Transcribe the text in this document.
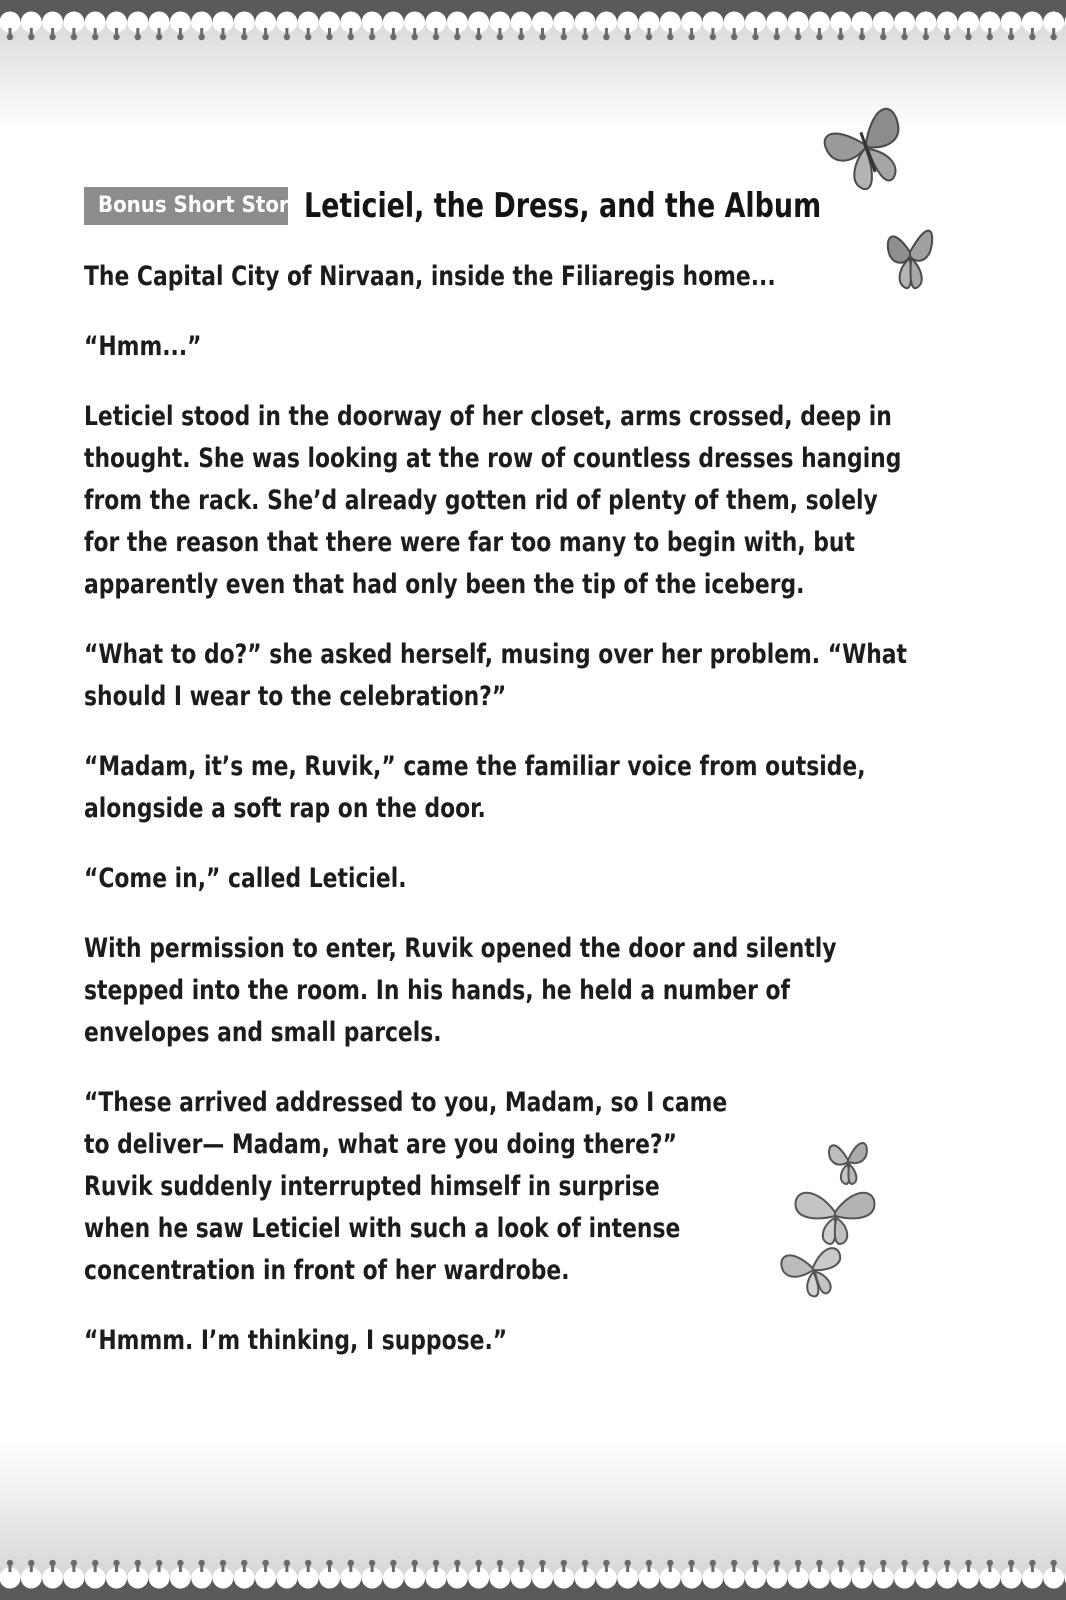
Bonus Short Story Leticiel, the Dress, and the Album

The Capital City of Nirvaan, inside the Filiaregis home...

“Hmm...”

Leticiel stood in the doorway of her closet, arms crossed, deep in
thought. She was looking at the row of countless dresses hanging
from the rack. She’d already gotten rid of plenty of them, solely
for the reason that there were far too many to begin with, but
apparently even that had only been the tip of the iceberg.

“What to do?” she asked herself, musing over her problem. “What
should I wear to the celebration?”

“Madam, it’s me, Ruvik,” came the familiar voice from outside,
alongside a soft rap on the door.

“Come in,” called Leticiel.

With permission to enter, Ruvik opened the door and silently
stepped into the room. In his hands, he held a number of
envelopes and small parcels.

“These arrived addressed to you, Madam, so I came
to deliver— Madam, what are you doing there?”
Ruvik suddenly interrupted himself in surprise
when he saw Leticiel with such a look of intense
concentration in front of her wardrobe.

“Hmmm. I’m thinking, I suppose.”
